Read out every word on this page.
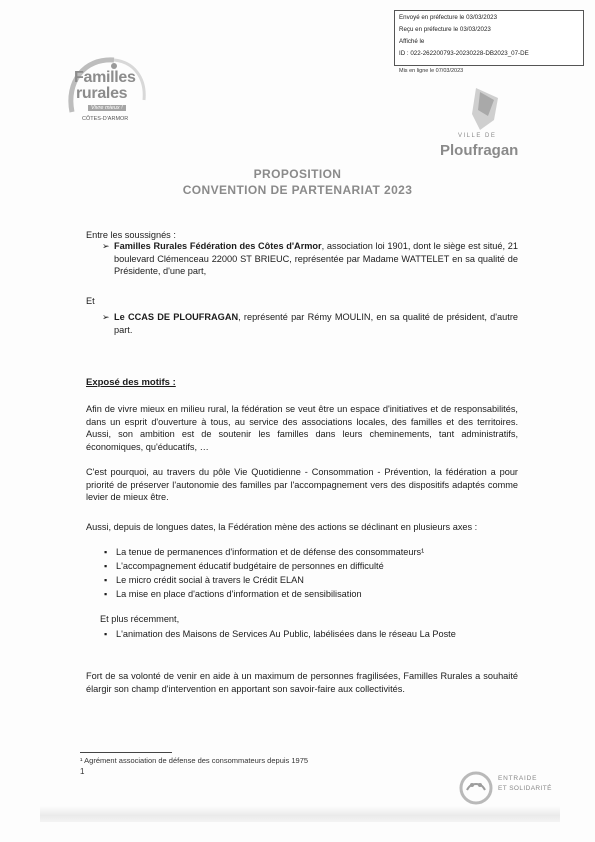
Envoyé en préfecture le 03/03/2023
Reçu en préfecture le 03/03/2023
Affiché le
ID : 022-262200793-20230228-DB2023_07-DE
Mis en ligne le 07/03/2023
Familles
rurales
Vivre mieux !
CÔTES-D'ARMOR
VILLE DE
Ploufragan
PROPOSITION
CONVENTION DE PARTENARIAT 2023
Entre les soussignés :
➢ Familles Rurales Fédération des Côtes d'Armor, association loi 1901, dont le siège est situé, 21 boulevard Clémenceau 22000 ST BRIEUC, représentée par Madame WATTELET en sa qualité de Présidente, d'une part,
Et
➢ Le CCAS DE PLOUFRAGAN, représenté par Rémy MOULIN, en sa qualité de président, d'autre part.
Exposé des motifs :
Afin de vivre mieux en milieu rural, la fédération se veut être un espace d'initiatives et de responsabilités, dans un esprit d'ouverture à tous, au service des associations locales, des familles et des territoires. Aussi, son ambition est de soutenir les familles dans leurs cheminements, tant administratifs, économiques, qu'éducatifs, …
C'est pourquoi, au travers du pôle Vie Quotidienne - Consommation - Prévention, la fédération a pour priorité de préserver l'autonomie des familles par l'accompagnement vers des dispositifs adaptés comme levier de mieux être.
Aussi, depuis de longues dates, la Fédération mène des actions se déclinant en plusieurs axes :
▪ La tenue de permanences d'information et de défense des consommateurs¹
▪ L'accompagnement éducatif budgétaire de personnes en difficulté
▪ Le micro crédit social à travers le Crédit ELAN
▪ La mise en place d'actions d'information et de sensibilisation
Et plus récemment,
▪ L'animation des Maisons de Services Au Public, labélisées dans le réseau La Poste
Fort de sa volonté de venir en aide à un maximum de personnes fragilisées, Familles Rurales a souhaité élargir son champ d'intervention en apportant son savoir-faire aux collectivités.
¹ Agrément association de défense des consommateurs depuis 1975
1
ENTRAIDE
ET SOLIDARITÉ
